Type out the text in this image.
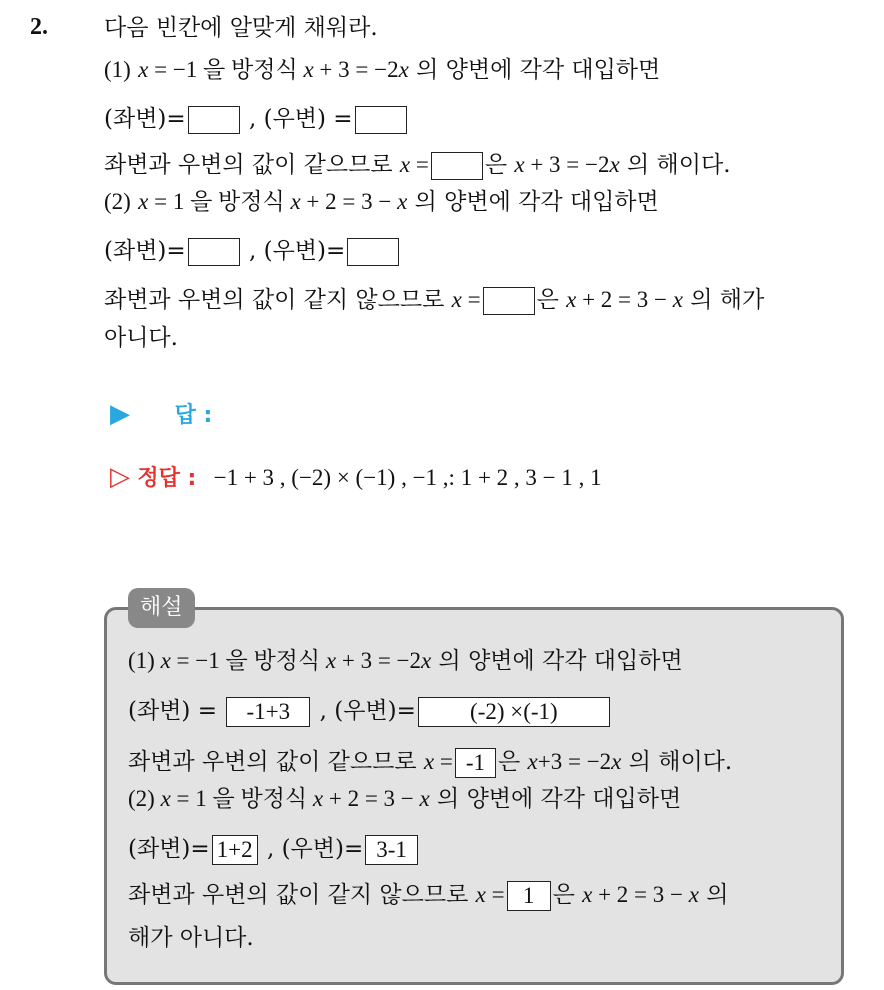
2. 다음 빈칸에 알맞게 채워라.
(1) x = −1 을 방정식 x + 3 = −2x 의 양변에 각각 대입하면
(좌변)=	, (우변) =
좌변과 우변의 값이 같으므로 x = 은 x + 3 = −2x 의 해이다.
(2) x = 1 을 방정식 x + 2 = 3 − x 의 양변에 각각 대입하면
(좌변)=	, (우변)=
좌변과 우변의 값이 같지 않으므로 x = 은 x + 2 = 3 − x 의 해가
아니다.
▶ 답 :
▷ 정답 : −1 + 3 , (−2) × (−1) , −1 ,: 1 + 2 , 3 − 1 , 1
해설
(1) x = −1 을 방정식 x + 3 = −2x 의 양변에 각각 대입하면
(좌변) = -1+3 , (우변)= (-2) ×(-1)
좌변과 우변의 값이 같으므로 x = -1 은 x+3 = −2x 의 해이다.
(2) x = 1 을 방정식 x + 2 = 3 − x 의 양변에 각각 대입하면
(좌변)= 1+2 , (우변)= 3-1
좌변과 우변의 값이 같지 않으므로 x = 1 은 x + 2 = 3 − x 의
해가 아니다.
